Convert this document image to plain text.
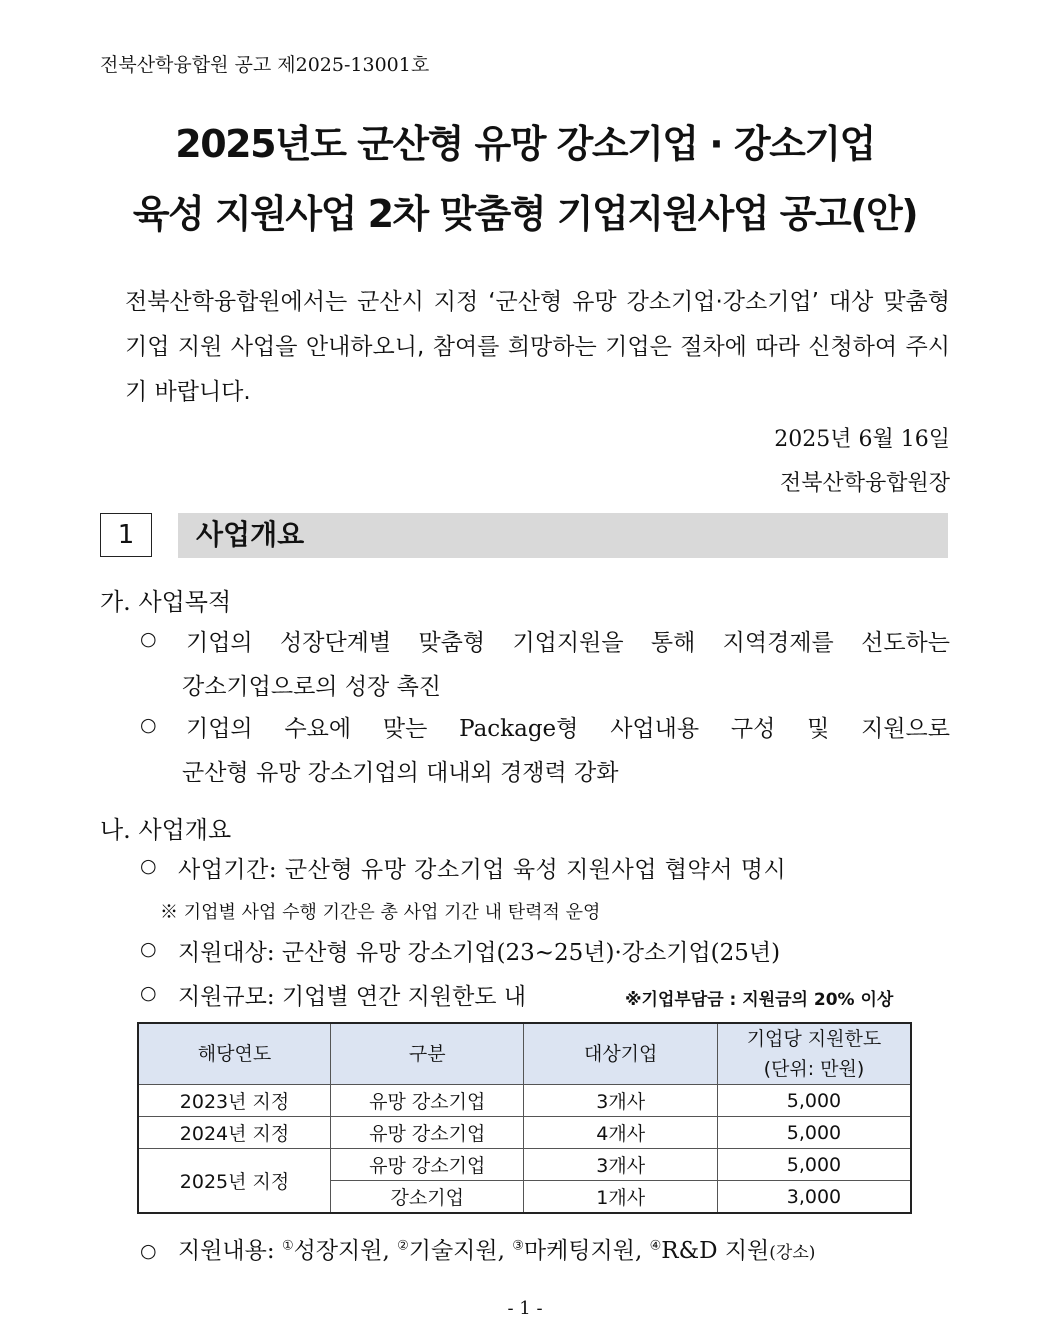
전북산학융합원 공고 제2025-13001호
2025년도 군산형 유망 강소기업 · 강소기업
육성 지원사업 2차 맞춤형 기업지원사업 공고(안)
전북산학융합원에서는 군산시 지정 ‘군산형 유망 강소기업·강소기업’ 대상 맞춤형 기업 지원 사업을 안내하오니, 참여를 희망하는 기업은 절차에 따라 신청하여 주시기 바랍니다.
2025년 6월 16일
전북산학융합원장
1	사업개요
가. 사업목적
○ 기업의 성장단계별 맞춤형 기업지원을 통해 지역경제를 선도하는
강소기업으로의 성장 촉진
○ 기업의 수요에 맞는 Package형 사업내용 구성 및 지원으로
군산형 유망 강소기업의 대내외 경쟁력 강화
나. 사업개요
○ 사업기간: 군산형 유망 강소기업 육성 지원사업 협약서 명시
※ 기업별 사업 수행 기간은 총 사업 기간 내 탄력적 운영
○ 지원대상: 군산형 유망 강소기업(23~25년)·강소기업(25년)
○ 지원규모: 기업별 연간 지원한도 내	※기업부담금 : 지원금의 20% 이상
해당연도	구분	대상기업	기업당 지원한도
(단위: 만원)

2023년 지정	유망 강소기업	3개사	5,000
2024년 지정	유망 강소기업	4개사	5,000
2025년 지정	유망 강소기업	3개사	5,000
	강소기업	1개사	3,000
○ 지원내용: ①성장지원, ②기술지원, ③마케팅지원, ④R&D 지원(강소)
- 1 -
